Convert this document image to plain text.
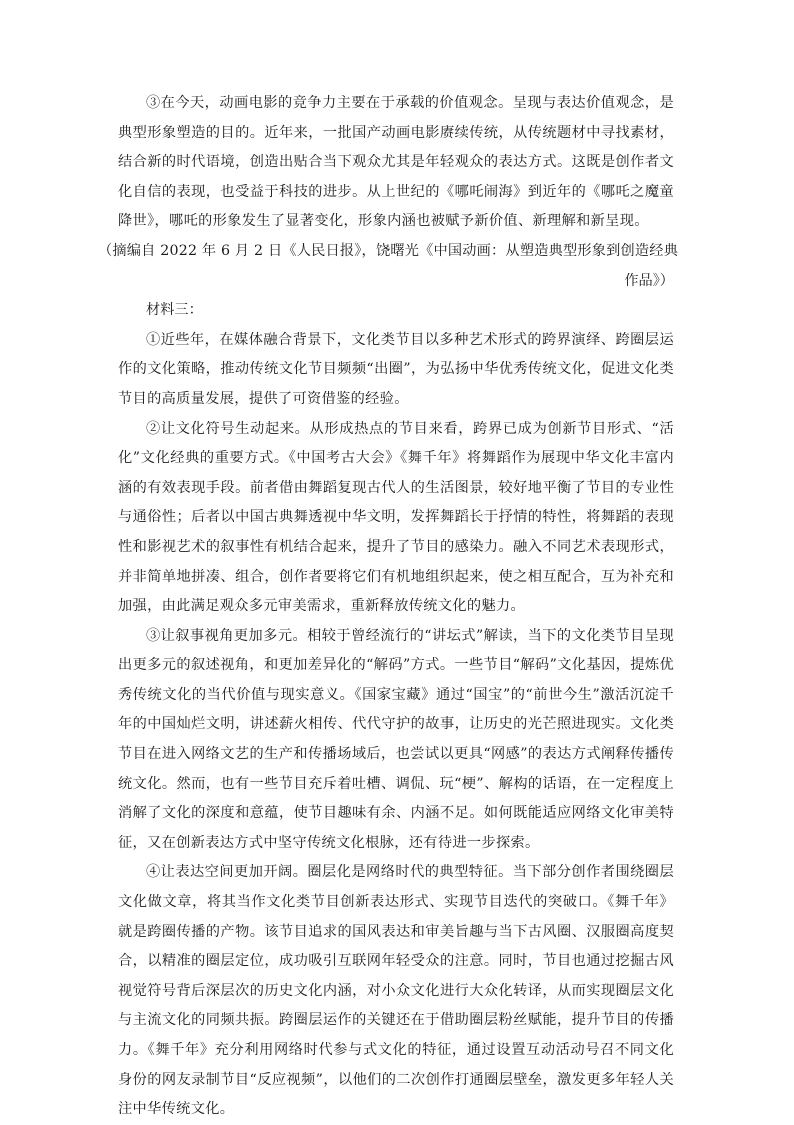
③在今天，动画电影的竞争力主要在于承载的价值观念。呈现与表达价值观念，是典型形象塑造的目的。近年来，一批国产动画电影赓续传统，从传统题材中寻找素材，结合新的时代语境，创造出贴合当下观众尤其是年轻观众的表达方式。这既是创作者文化自信的表现，也受益于科技的进步。从上世纪的《哪吒闹海》到近年的《哪吒之魔童降世》，哪吒的形象发生了显著变化，形象内涵也被赋予新价值、新理解和新呈现。

（摘编自 2022 年 6 月 2 日《人民日报》，饶曙光《中国动画：从塑造典型形象到创造经典

作品》）

材料三：

①近些年，在媒体融合背景下，文化类节目以多种艺术形式的跨界演绎、跨圈层运作的文化策略，推动传统文化节目频频“出圈”，为弘扬中华优秀传统文化，促进文化类节目的高质量发展，提供了可资借鉴的经验。

②让文化符号生动起来。从形成热点的节目来看，跨界已成为创新节目形式、“活化”文化经典的重要方式。《中国考古大会》《舞千年》将舞蹈作为展现中华文化丰富内涵的有效表现手段。前者借由舞蹈复现古代人的生活图景，较好地平衡了节目的专业性与通俗性；后者以中国古典舞透视中华文明，发挥舞蹈长于抒情的特性，将舞蹈的表现性和影视艺术的叙事性有机结合起来，提升了节目的感染力。融入不同艺术表现形式，并非简单地拼凑、组合，创作者要将它们有机地组织起来，使之相互配合，互为补充和加强，由此满足观众多元审美需求，重新释放传统文化的魅力。

③让叙事视角更加多元。相较于曾经流行的“讲坛式”解读，当下的文化类节目呈现出更多元的叙述视角，和更加差异化的“解码”方式。一些节目“解码”文化基因，提炼优秀传统文化的当代价值与现实意义。《国家宝藏》通过“国宝”的“前世今生”激活沉淀千年的中国灿烂文明，讲述薪火相传、代代守护的故事，让历史的光芒照进现实。文化类节目在进入网络文艺的生产和传播场域后，也尝试以更具“网感”的表达方式阐释传播传统文化。然而，也有一些节目充斥着吐槽、调侃、玩“梗”、解构的话语，在一定程度上消解了文化的深度和意蕴，使节目趣味有余、内涵不足。如何既能适应网络文化审美特征，又在创新表达方式中坚守传统文化根脉，还有待进一步探索。

④让表达空间更加开阔。圈层化是网络时代的典型特征。当下部分创作者围绕圈层文化做文章，将其当作文化类节目创新表达形式、实现节目迭代的突破口。《舞千年》就是跨圈传播的产物。该节目追求的国风表达和审美旨趣与当下古风圈、汉服圈高度契合，以精准的圈层定位，成功吸引互联网年轻受众的注意。同时，节目也通过挖掘古风视觉符号背后深层次的历史文化内涵，对小众文化进行大众化转译，从而实现圈层文化与主流文化的同频共振。跨圈层运作的关键还在于借助圈层粉丝赋能，提升节目的传播力。《舞千年》充分利用网络时代参与式文化的特征，通过设置互动活动号召不同文化身份的网友录制节目“反应视频”，以他们的二次创作打通圈层壁垒，激发更多年轻人关注中华传统文化。
